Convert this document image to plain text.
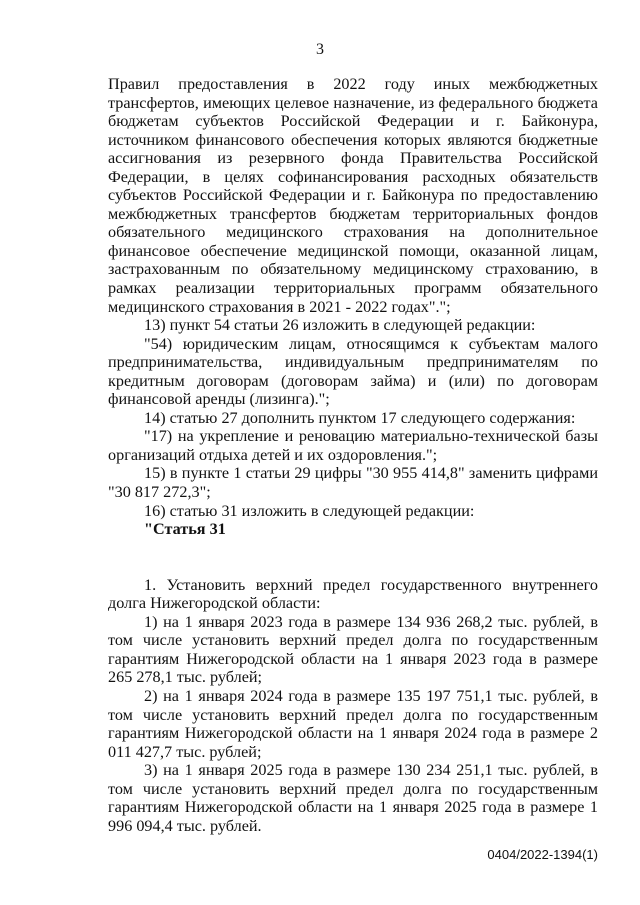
3

Правил предоставления в 2022 году иных межбюджетных трансфертов, имеющих целевое назначение, из федерального бюджета бюджетам субъектов Российской Федерации и г. Байконура, источником финансового обеспечения которых являются бюджетные ассигнования из резервного фонда Правительства Российской Федерации, в целях софинансирования расходных обязательств субъектов Российской Федерации и г. Байконура по предоставлению межбюджетных трансфертов бюджетам территориальных фондов обязательного медицинского страхования на дополнительное финансовое обеспечение медицинской помощи, оказанной лицам, застрахованным по обязательному медицинскому страхованию, в рамках реализации территориальных программ обязательного медицинского страхования в 2021 - 2022 годах".";

13) пункт 54 статьи 26 изложить в следующей редакции:

"54) юридическим лицам, относящимся к субъектам малого предпринимательства, индивидуальным предпринимателям по кредитным договорам (договорам займа) и (или) по договорам финансовой аренды (лизинга).";

14) статью 27 дополнить пунктом 17 следующего содержания:

"17) на укрепление и реновацию материально-технической базы организаций отдыха детей и их оздоровления.";

15) в пункте 1 статьи 29 цифры "30 955 414,8" заменить цифрами "30 817 272,3";

16) статью 31 изложить в следующей редакции:

"Статья 31

1. Установить верхний предел государственного внутреннего долга Нижегородской области:

1) на 1 января 2023 года в размере 134 936 268,2 тыс. рублей, в том числе установить верхний предел долга по государственным гарантиям Нижегородской области на 1 января 2023 года в размере 265 278,1 тыс. рублей;

2) на 1 января 2024 года в размере 135 197 751,1 тыс. рублей, в том числе установить верхний предел долга по государственным гарантиям Нижегородской области на 1 января 2024 года в размере 2 011 427,7 тыс. рублей;

3) на 1 января 2025 года в размере 130 234 251,1 тыс. рублей, в том числе установить верхний предел долга по государственным гарантиям Нижегородской области на 1 января 2025 года в размере 1 996 094,4 тыс. рублей.

0404/2022-1394(1)
